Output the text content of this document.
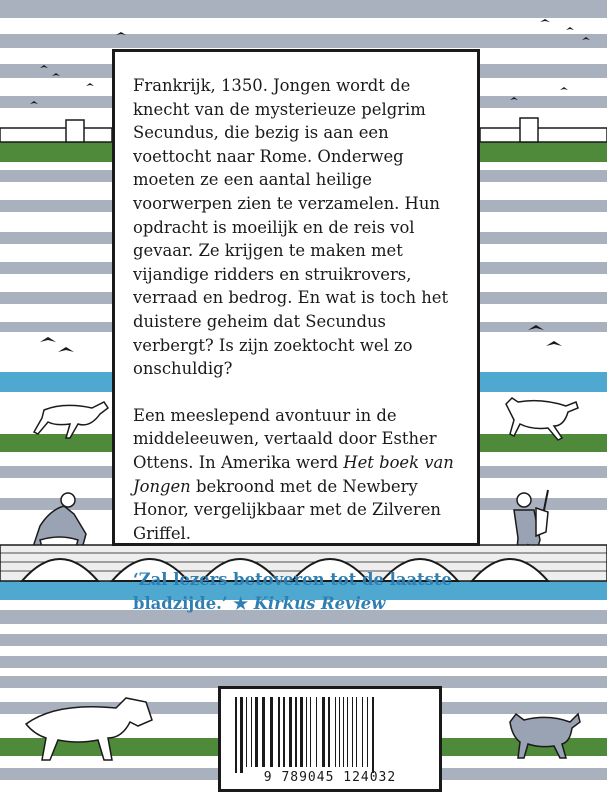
Frankrijk, 1350. Jongen wordt de knecht van de mysterieuze pelgrim Secundus, die bezig is aan een voettocht naar Rome. Onderweg moeten ze een aantal heilige voorwerpen zien te verzamelen. Hun opdracht is moeilijk en de reis vol gevaar. Ze krijgen te maken met vijandige ridders en struikrovers, verraad en bedrog. En wat is toch het duistere geheim dat Secundus verbergt? Is zijn zoektocht wel zo onschuldig?

Een meeslepend avontuur in de middeleeuwen, vertaald door Esther Ottens. In Amerika werd Het boek van Jongen bekroond met de Newbery Honor, vergelijkbaar met de Zilveren Griffel.

‘Zal lezers betoveren tot de laatste bladzijde.’ ★ Kirkus Review

9 789045 124032
